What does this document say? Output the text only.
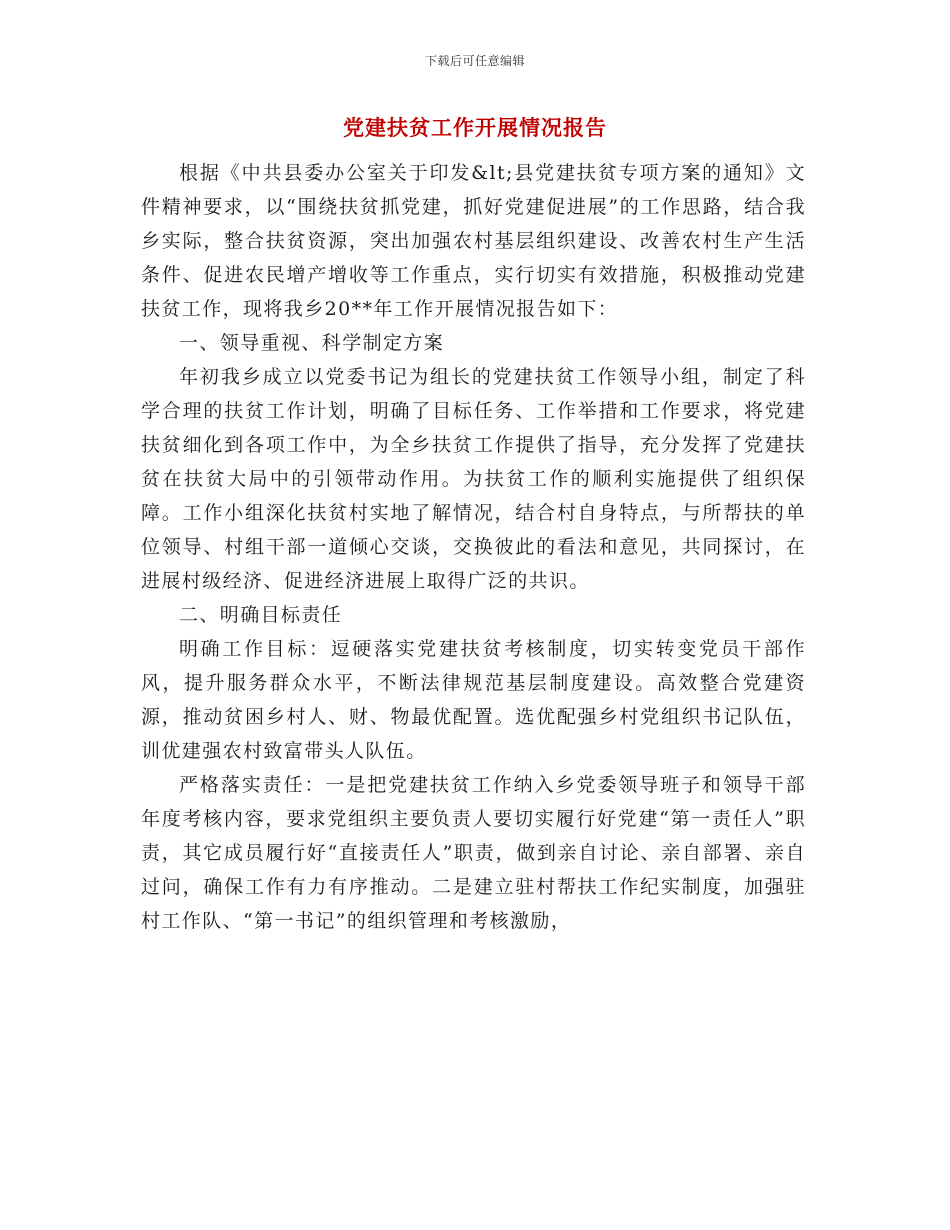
下载后可任意编辑
党建扶贫工作开展情况报告

根据《中共县委办公室关于印发&lt;县党建扶贫专项方案的通知》文件精神要求，以“围绕扶贫抓党建，抓好党建促进展”的工作思路，结合我乡实际，整合扶贫资源，突出加强农村基层组织建设、改善农村生产生活条件、促进农民增产增收等工作重点，实行切实有效措施，积极推动党建扶贫工作，现将我乡20**年工作开展情况报告如下：

一、领导重视、科学制定方案

年初我乡成立以党委书记为组长的党建扶贫工作领导小组，制定了科学合理的扶贫工作计划，明确了目标任务、工作举措和工作要求，将党建扶贫细化到各项工作中，为全乡扶贫工作提供了指导，充分发挥了党建扶贫在扶贫大局中的引领带动作用。为扶贫工作的顺利实施提供了组织保障。工作小组深化扶贫村实地了解情况，结合村自身特点，与所帮扶的单位领导、村组干部一道倾心交谈，交换彼此的看法和意见，共同探讨，在进展村级经济、促进经济进展上取得广泛的共识。

二、明确目标责任

明确工作目标：逗硬落实党建扶贫考核制度，切实转变党员干部作风，提升服务群众水平，不断法律规范基层制度建设。高效整合党建资源，推动贫困乡村人、财、物最优配置。选优配强乡村党组织书记队伍，训优建强农村致富带头人队伍。

严格落实责任：一是把党建扶贫工作纳入乡党委领导班子和领导干部年度考核内容，要求党组织主要负责人要切实履行好党建“第一责任人”职责，其它成员履行好“直接责任人”职责，做到亲自讨论、亲自部署、亲自过问，确保工作有力有序推动。二是建立驻村帮扶工作纪实制度，加强驻村工作队、“第一书记”的组织管理和考核激励，
